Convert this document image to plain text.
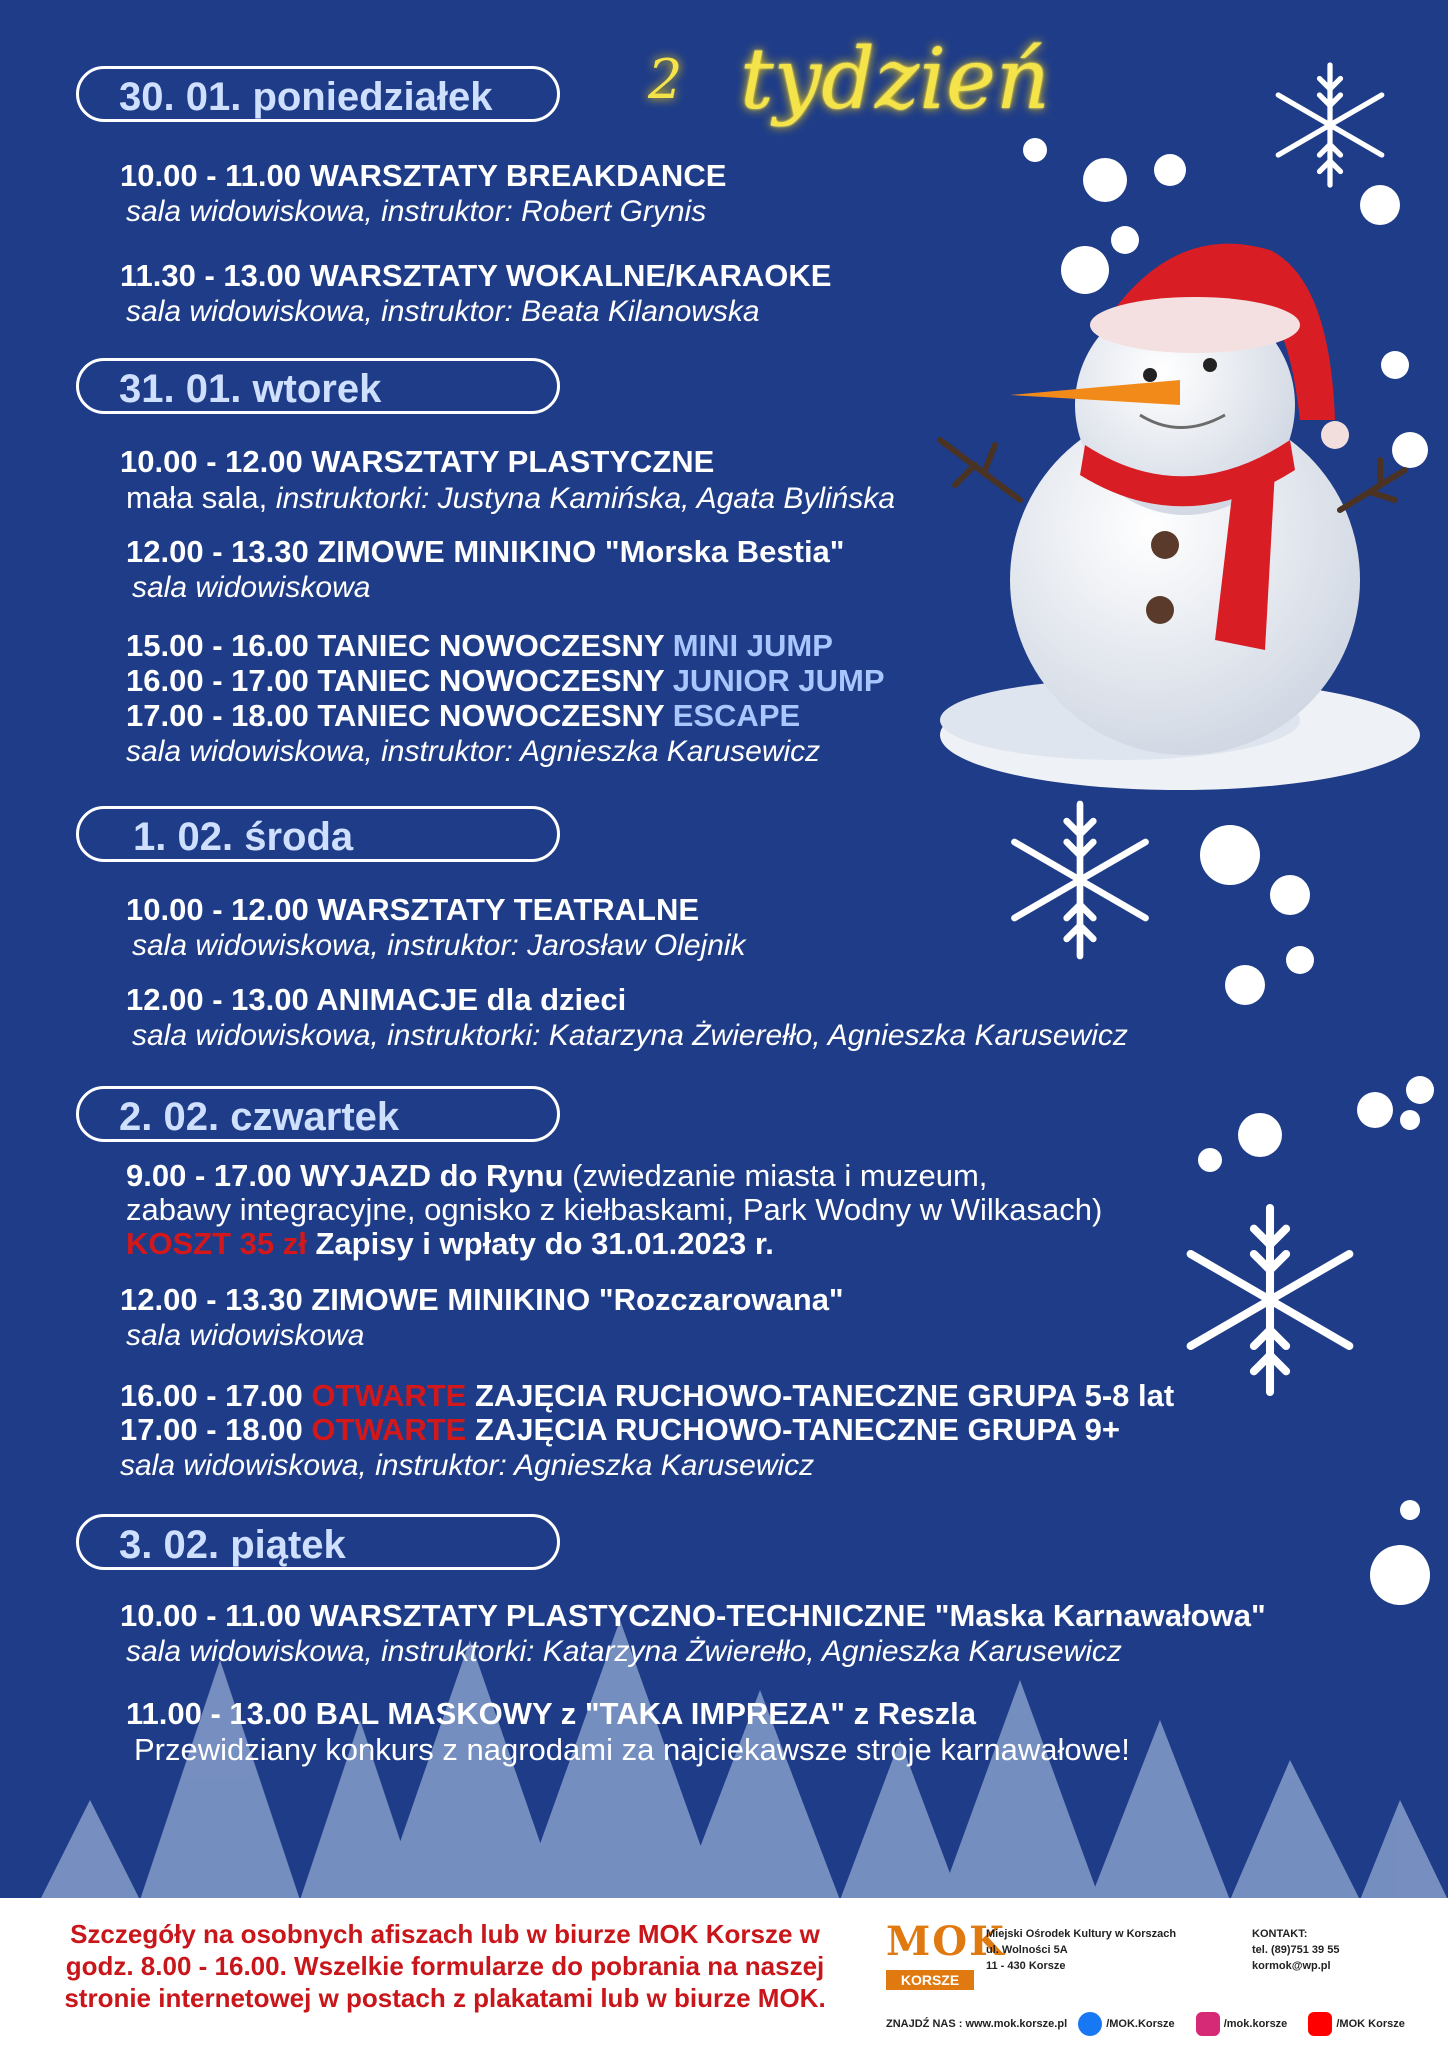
2 tydzień
30. 01. poniedziałek
10.00 - 11.00 WARSZTATY BREAKDANCE
sala widowiskowa, instruktor: Robert Grynis
11.30 - 13.00 WARSZTATY WOKALNE/KARAOKE
sala widowiskowa, instruktor: Beata Kilanowska
31. 01. wtorek
10.00 - 12.00 WARSZTATY PLASTYCZNE
mała sala, instruktorki: Justyna Kamińska, Agata Bylińska
12.00 - 13.30 ZIMOWE MINIKINO "Morska Bestia"
sala widowiskowa
15.00 - 16.00 TANIEC NOWOCZESNY MINI JUMP
16.00 - 17.00 TANIEC NOWOCZESNY JUNIOR JUMP
17.00 - 18.00 TANIEC NOWOCZESNY ESCAPE
sala widowiskowa, instruktor: Agnieszka Karusewicz
1. 02. środa
10.00 - 12.00 WARSZTATY TEATRALNE
sala widowiskowa, instruktor: Jarosław Olejnik
12.00 - 13.00 ANIMACJE dla dzieci
sala widowiskowa, instruktorki: Katarzyna Żwierełło, Agnieszka Karusewicz
2. 02. czwartek
9.00 - 17.00 WYJAZD do Rynu (zwiedzanie miasta i muzeum,
zabawy integracyjne, ognisko z kiełbaskami, Park Wodny w Wilkasach)
KOSZT 35 zł Zapisy i wpłaty do 31.01.2023 r.
12.00 - 13.30 ZIMOWE MINIKINO "Rozczarowana"
sala widowiskowa
16.00 - 17.00 OTWARTE ZAJĘCIA RUCHOWO-TANECZNE GRUPA 5-8 lat
17.00 - 18.00 OTWARTE ZAJĘCIA RUCHOWO-TANECZNE GRUPA 9+
sala widowiskowa, instruktor: Agnieszka Karusewicz
3. 02. piątek
10.00 - 11.00 WARSZTATY PLASTYCZNO-TECHNICZNE "Maska Karnawałowa"
sala widowiskowa, instruktorki: Katarzyna Żwierełło, Agnieszka Karusewicz
11.00 - 13.00 BAL MASKOWY z "TAKA IMPREZA" z Reszla
Przewidziany konkurs z nagrodami za najciekawsze stroje karnawałowe!
Szczegóły na osobnych afiszach lub w biurze MOK Korsze w
godz. 8.00 - 16.00. Wszelkie formularze do pobrania na naszej
stronie internetowej w postach z plakatami lub w biurze MOK.
MOK
KORSZE
Miejski Ośrodek Kultury w Korszach
ul. Wolności 5A
11 - 430 Korsze
KONTAKT:
tel. (89)751 39 55
kormok@wp.pl
ZNAJDŹ NAS : www.mok.korsze.pl	/MOK.Korsze	/mok.korsze	/MOK Korsze
